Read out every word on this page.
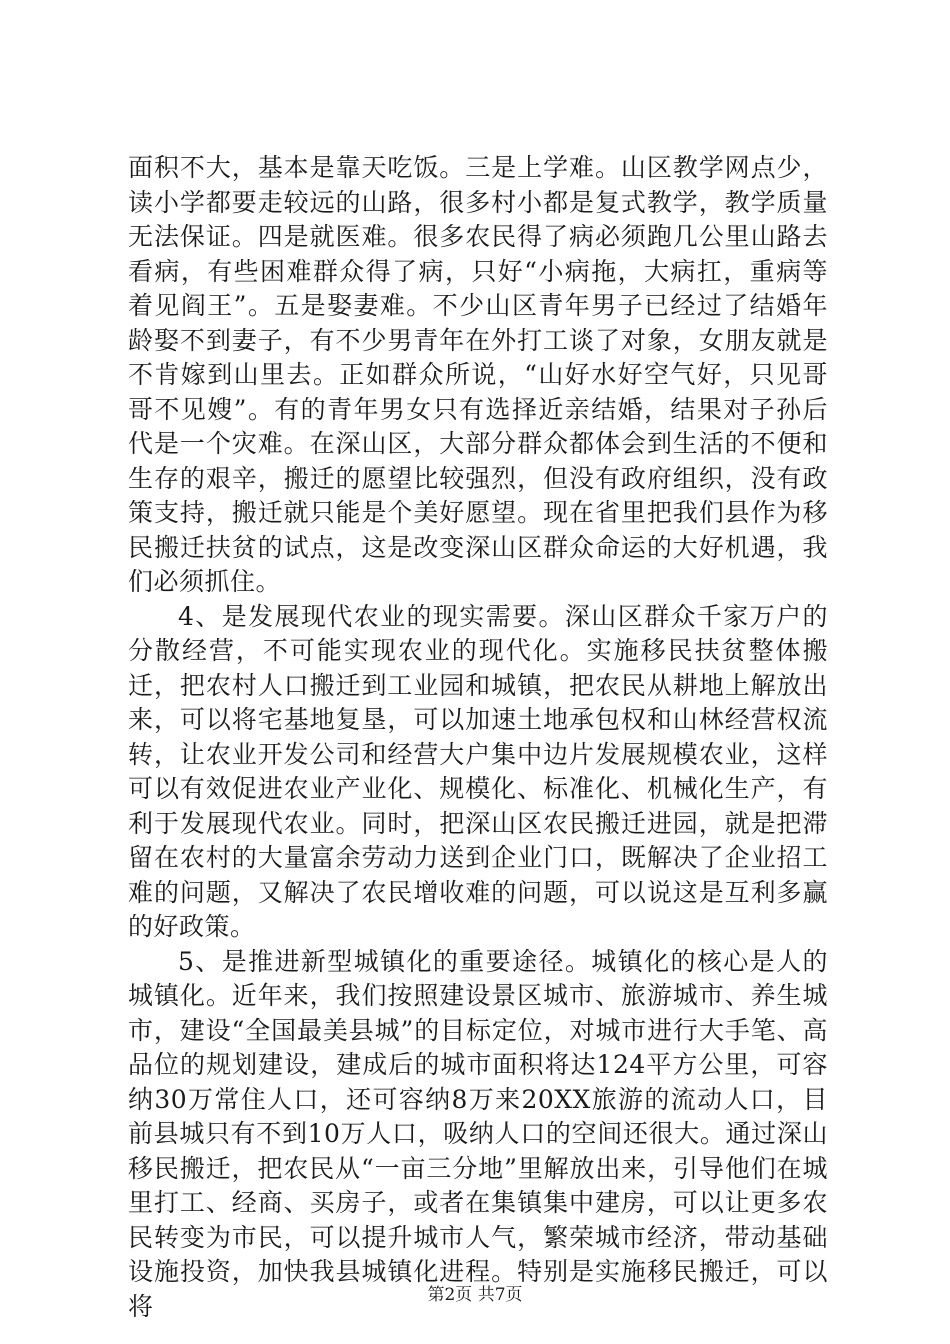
面积不大，基本是靠天吃饭。三是上学难。山区教学网点少，读小学都要走较远的山路，很多村小都是复式教学，教学质量无法保证。四是就医难。很多农民得了病必须跑几公里山路去看病，有些困难群众得了病，只好“小病拖，大病扛，重病等着见阎王”。五是娶妻难。不少山区青年男子已经过了结婚年龄娶不到妻子，有不少男青年在外打工谈了对象，女朋友就是不肯嫁到山里去。正如群众所说，“山好水好空气好，只见哥哥不见嫂”。有的青年男女只有选择近亲结婚，结果对子孙后代是一个灾难。在深山区，大部分群众都体会到生活的不便和生存的艰辛，搬迁的愿望比较强烈，但没有政府组织，没有政策支持，搬迁就只能是个美好愿望。现在省里把我们县作为移民搬迁扶贫的试点，这是改变深山区群众命运的大好机遇，我们必须抓住。

4、是发展现代农业的现实需要。深山区群众千家万户的分散经营，不可能实现农业的现代化。实施移民扶贫整体搬迁，把农村人口搬迁到工业园和城镇，把农民从耕地上解放出来，可以将宅基地复垦，可以加速土地承包权和山林经营权流转，让农业开发公司和经营大户集中边片发展规模农业，这样可以有效促进农业产业化、规模化、标准化、机械化生产，有利于发展现代农业。同时，把深山区农民搬迁进园，就是把滞留在农村的大量富余劳动力送到企业门口，既解决了企业招工难的问题，又解决了农民增收难的问题，可以说这是互利多赢的好政策。

5、是推进新型城镇化的重要途径。城镇化的核心是人的城镇化。近年来，我们按照建设景区城市、旅游城市、养生城市，建设“全国最美县城”的目标定位，对城市进行大手笔、高品位的规划建设，建成后的城市面积将达124平方公里，可容纳30万常住人口，还可容纳8万来20XX旅游的流动人口，目前县城只有不到10万人口，吸纳人口的空间还很大。通过深山移民搬迁，把农民从“一亩三分地”里解放出来，引导他们在城里打工、经商、买房子，或者在集镇集中建房，可以让更多农民转变为市民，可以提升城市人气，繁荣城市经济，带动基础设施投资，加快我县城镇化进程。特别是实施移民搬迁，可以将	第2页 共7页
